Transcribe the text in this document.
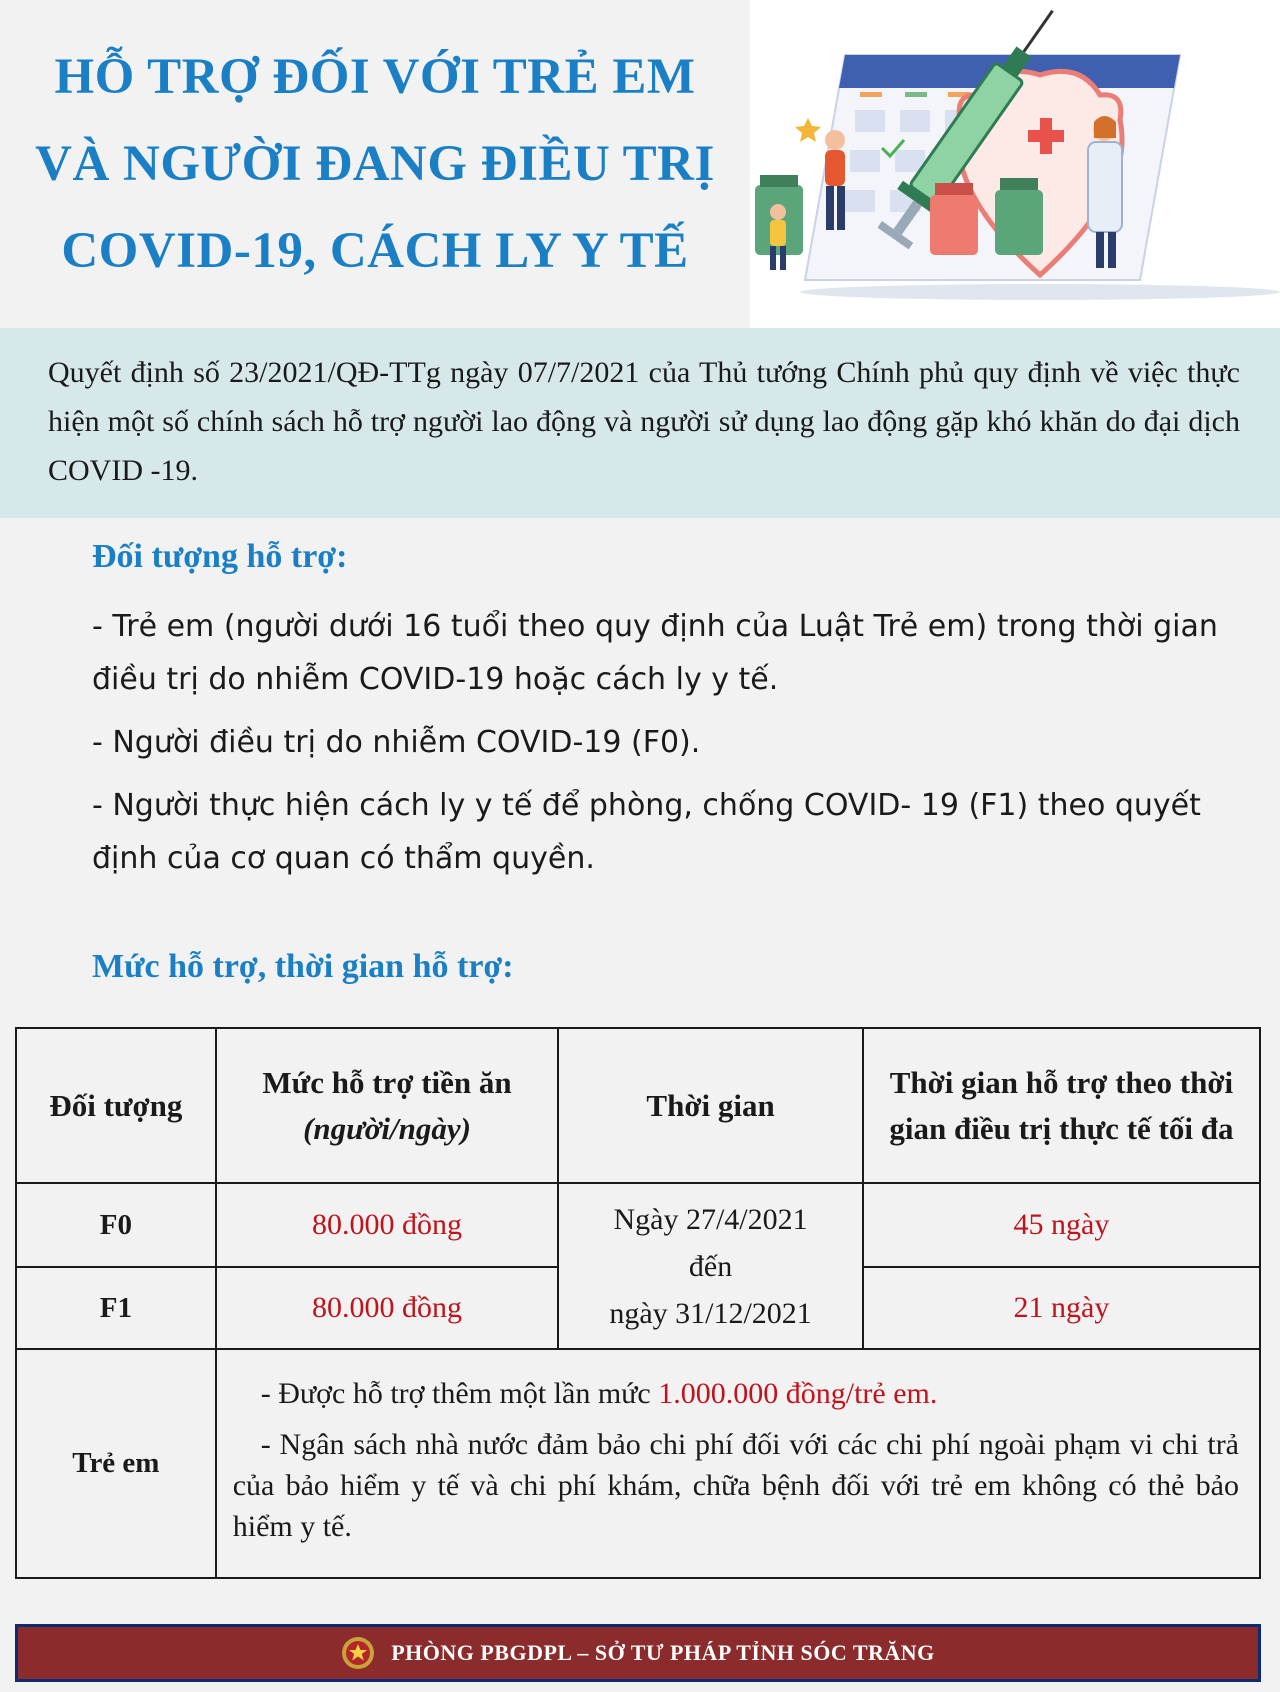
HỖ TRỢ ĐỐI VỚI TRẺ EM
VÀ NGƯỜI ĐANG ĐIỀU TRỊ
COVID-19, CÁCH LY Y TẾ

Quyết định số 23/2021/QĐ-TTg ngày 07/7/2021 của Thủ tướng Chính phủ quy định về việc thực hiện một số chính sách hỗ trợ người lao động và người sử dụng lao động gặp khó khăn do đại dịch COVID -19.

Đối tượng hỗ trợ:
- Trẻ em (người dưới 16 tuổi theo quy định của Luật Trẻ em) trong thời gian điều trị do nhiễm COVID-19 hoặc cách ly y tế.
- Người điều trị do nhiễm COVID-19 (F0).
- Người thực hiện cách ly y tế để phòng, chống COVID- 19 (F1) theo quyết định của cơ quan có thẩm quyền.
Mức hỗ trợ, thời gian hỗ trợ:
Đối tượng	Mức hỗ trợ tiền ăn
(người/ngày)	Thời gian	Thời gian hỗ trợ theo thời gian điều trị thực tế tối đa
F0	80.000 đồng	Ngày 27/4/2021
đến
ngày 31/12/2021	45 ngày
F1	80.000 đồng		21 ngày
Trẻ em	- Được hỗ trợ thêm một lần mức 1.000.000 đồng/trẻ em.

- Ngân sách nhà nước đảm bảo chi phí đối với các chi phí ngoài phạm vi chi trả của bảo hiểm y tế và chi phí khám, chữa bệnh đối với trẻ em không có thẻ bảo hiểm y tế.		

PHÒNG PBGDPL – SỞ TƯ PHÁP TỈNH SÓC TRĂNG
